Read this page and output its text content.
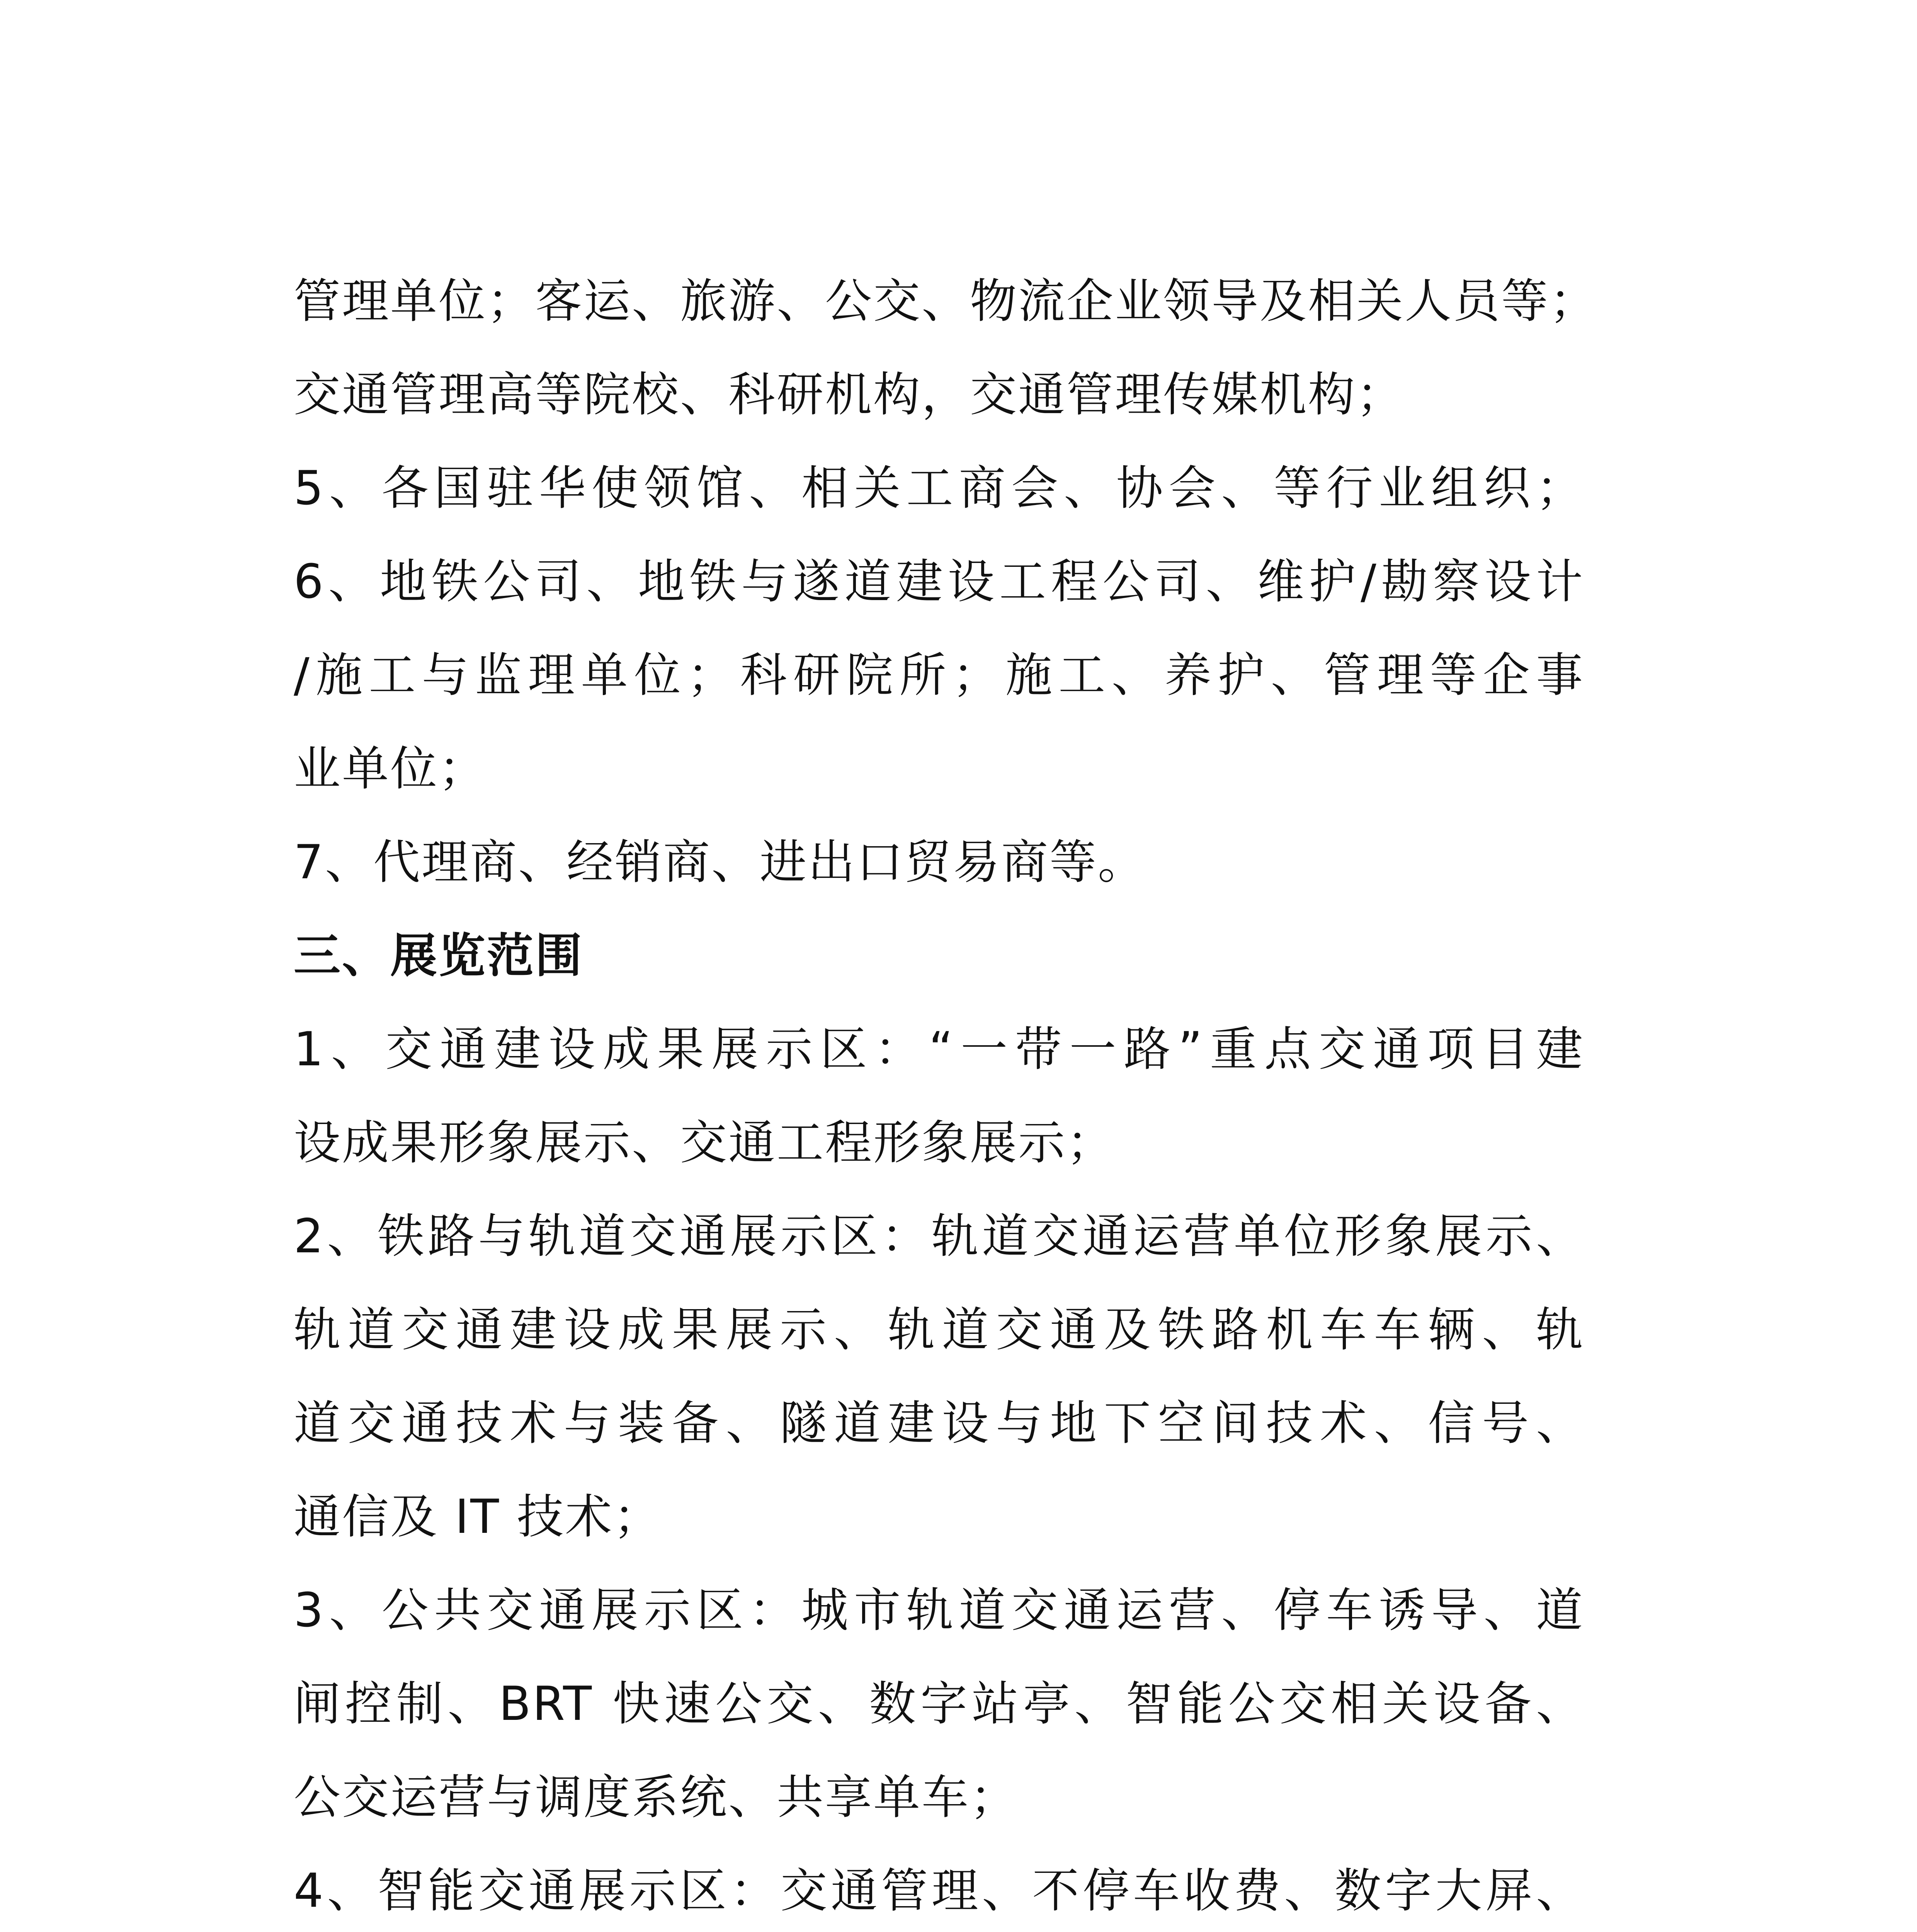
管理单位；客运、旅游、公交、物流企业领导及相关人员等；
交通管理高等院校、科研机构，交通管理传媒机构；
5、各国驻华使领馆、相关工商会、协会、等行业组织；
6、地铁公司、地铁与遂道建设工程公司、维护/勘察设计
/施工与监理单位；科研院所；施工、养护、管理等企事
业单位；
7、代理商、经销商、进出口贸易商等。
三、展览范围
1、交通建设成果展示区：“一带一路”重点交通项目建
设成果形象展示、交通工程形象展示；
2、铁路与轨道交通展示区：轨道交通运营单位形象展示、
轨道交通建设成果展示、轨道交通及铁路机车车辆、轨
道交通技术与装备、隧道建设与地下空间技术、信号、
通信及 IT 技术；
3、公共交通展示区：城市轨道交通运营、停车诱导、道
闸控制、BRT 快速公交、数字站亭、智能公交相关设备、
公交运营与调度系统、共享单车；
4、智能交通展示区：交通管理、不停车收费、数字大屏、
